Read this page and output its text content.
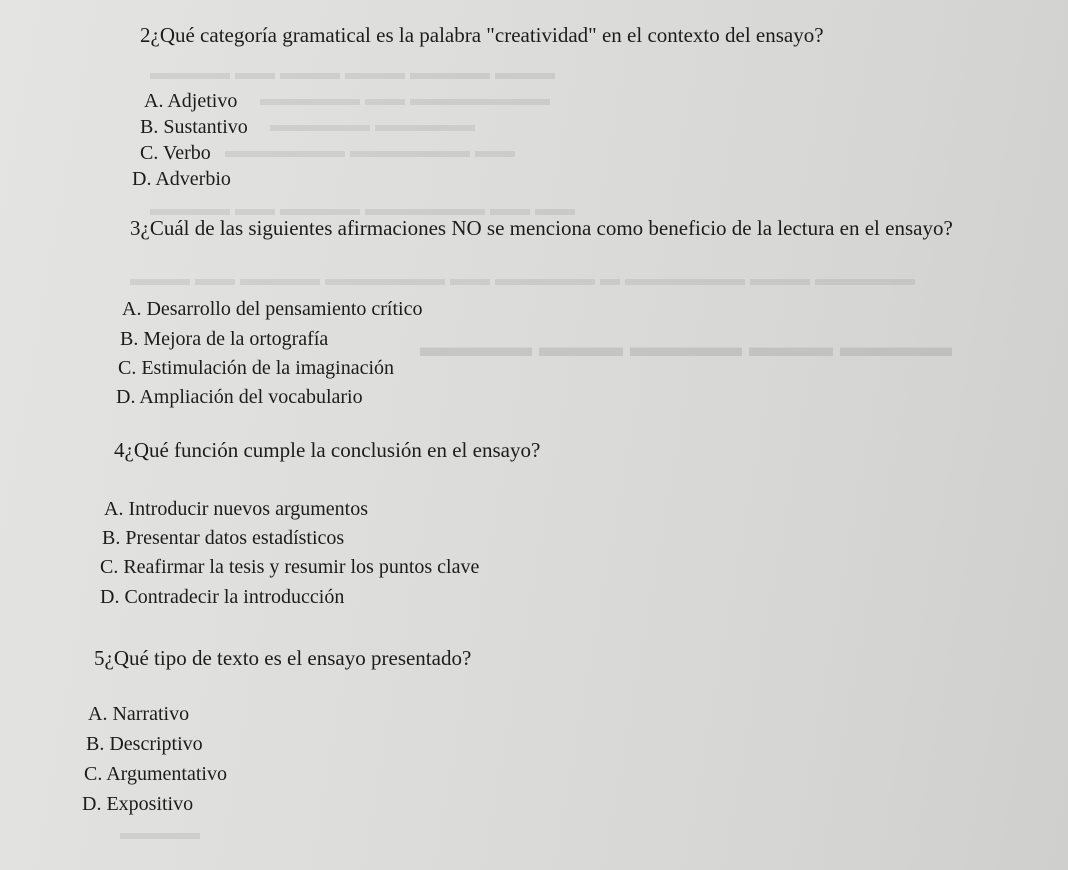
▬▬▬ ▬▬▬▬ ▬▬▬ ▬▬▬ ▬▬ ▬▬▬▬
▬▬▬▬▬▬▬ ▬▬ ▬▬▬▬▬
▬▬▬▬▬ ▬▬▬▬▬
▬▬ ▬▬▬▬▬▬ ▬▬▬▬▬▬
▬▬ ▬▬ ▬▬▬▬▬▬ ▬▬▬▬ ▬▬ ▬▬▬▬
▬▬▬▬▬ ▬▬▬ ▬▬▬▬▬▬ ▬ ▬▬▬▬▬ ▬▬ ▬▬▬▬▬▬ ▬▬▬▬ ▬▬ ▬▬▬
▬▬▬▬ ▬▬▬ ▬▬▬▬ ▬▬▬ ▬▬▬▬
▬▬▬▬
2¿Qué categoría gramatical es la palabra "creatividad" en el contexto del ensayo?
A. Adjetivo
B. Sustantivo
C. Verbo
D. Adverbio
3¿Cuál de las siguientes afirmaciones NO se menciona como beneficio de la lectura en el ensayo?
A. Desarrollo del pensamiento crítico
B. Mejora de la ortografía
C. Estimulación de la imaginación
D. Ampliación del vocabulario
4¿Qué función cumple la conclusión en el ensayo?
A. Introducir nuevos argumentos
B. Presentar datos estadísticos
C. Reafirmar la tesis y resumir los puntos clave
D. Contradecir la introducción
5¿Qué tipo de texto es el ensayo presentado?
A. Narrativo
B. Descriptivo
C. Argumentativo
D. Expositivo
